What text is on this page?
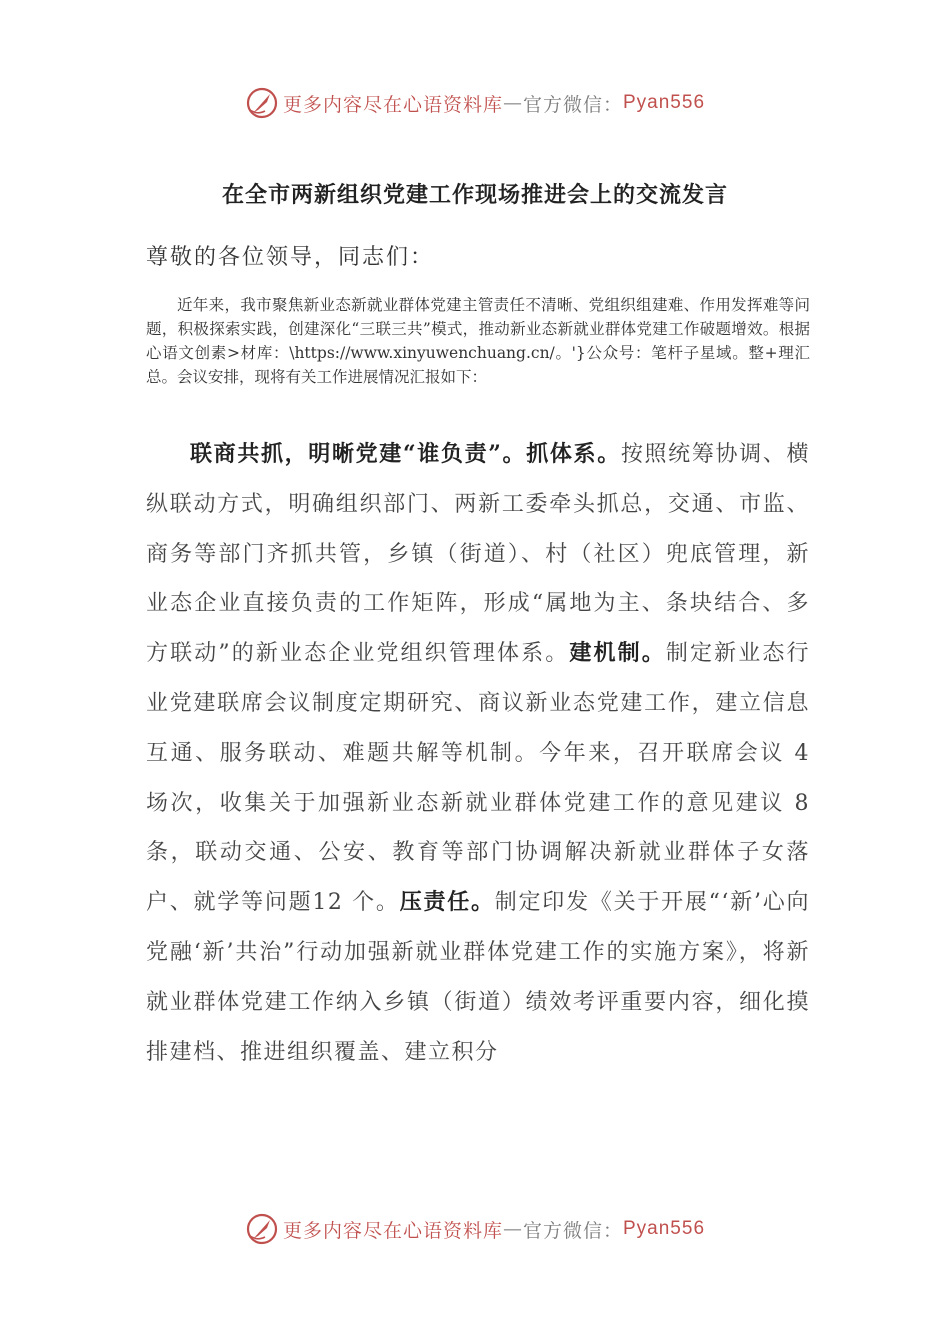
更多内容尽在心语资料库 — 官方微信： Pyan556
在全市两新组织党建工作现场推进会上的交流发言
尊敬的各位领导，同志们：
近年来，我市聚焦新业态新就业群体党建主管责任不清晰、党组织组建难、作用发挥难等问题，积极探索实践，创建深化“三联三共”模式，推动新业态新就业群体党建工作破题增效。根据心语文创素>材库：\https://www.xinyuwenchuang.cn/。'}公众号：笔杆子星域。整+理汇总。会议安排，现将有关工作进展情况汇报如下：
联商共抓，明晰党建“谁负责”。抓体系。按照统筹协调、横纵联动方式，明确组织部门、两新工委牵头抓总，交通、市监、商务等部门齐抓共管，乡镇（街道）、村（社区）兜底管理，新业态企业直接负责的工作矩阵，形成“属地为主、条块结合、多方联动”的新业态企业党组织管理体系。建机制。制定新业态行业党建联席会议制度定期研究、商议新业态党建工作，建立信息互通、服务联动、难题共解等机制。今年来，召开联席会议 4 场次，收集关于加强新业态新就业群体党建工作的意见建议 8 条，联动交通、公安、教育等部门协调解决新就业群体子女落户、就学等问题12 个。压责任。制定印发《关于开展“‘新’心向党融‘新’共治”行动加强新就业群体党建工作的实施方案》，将新就业群体党建工作纳入乡镇（街道）绩效考评重要内容，细化摸排建档、推进组织覆盖、建立积分
更多内容尽在心语资料库 — 官方微信： Pyan556
